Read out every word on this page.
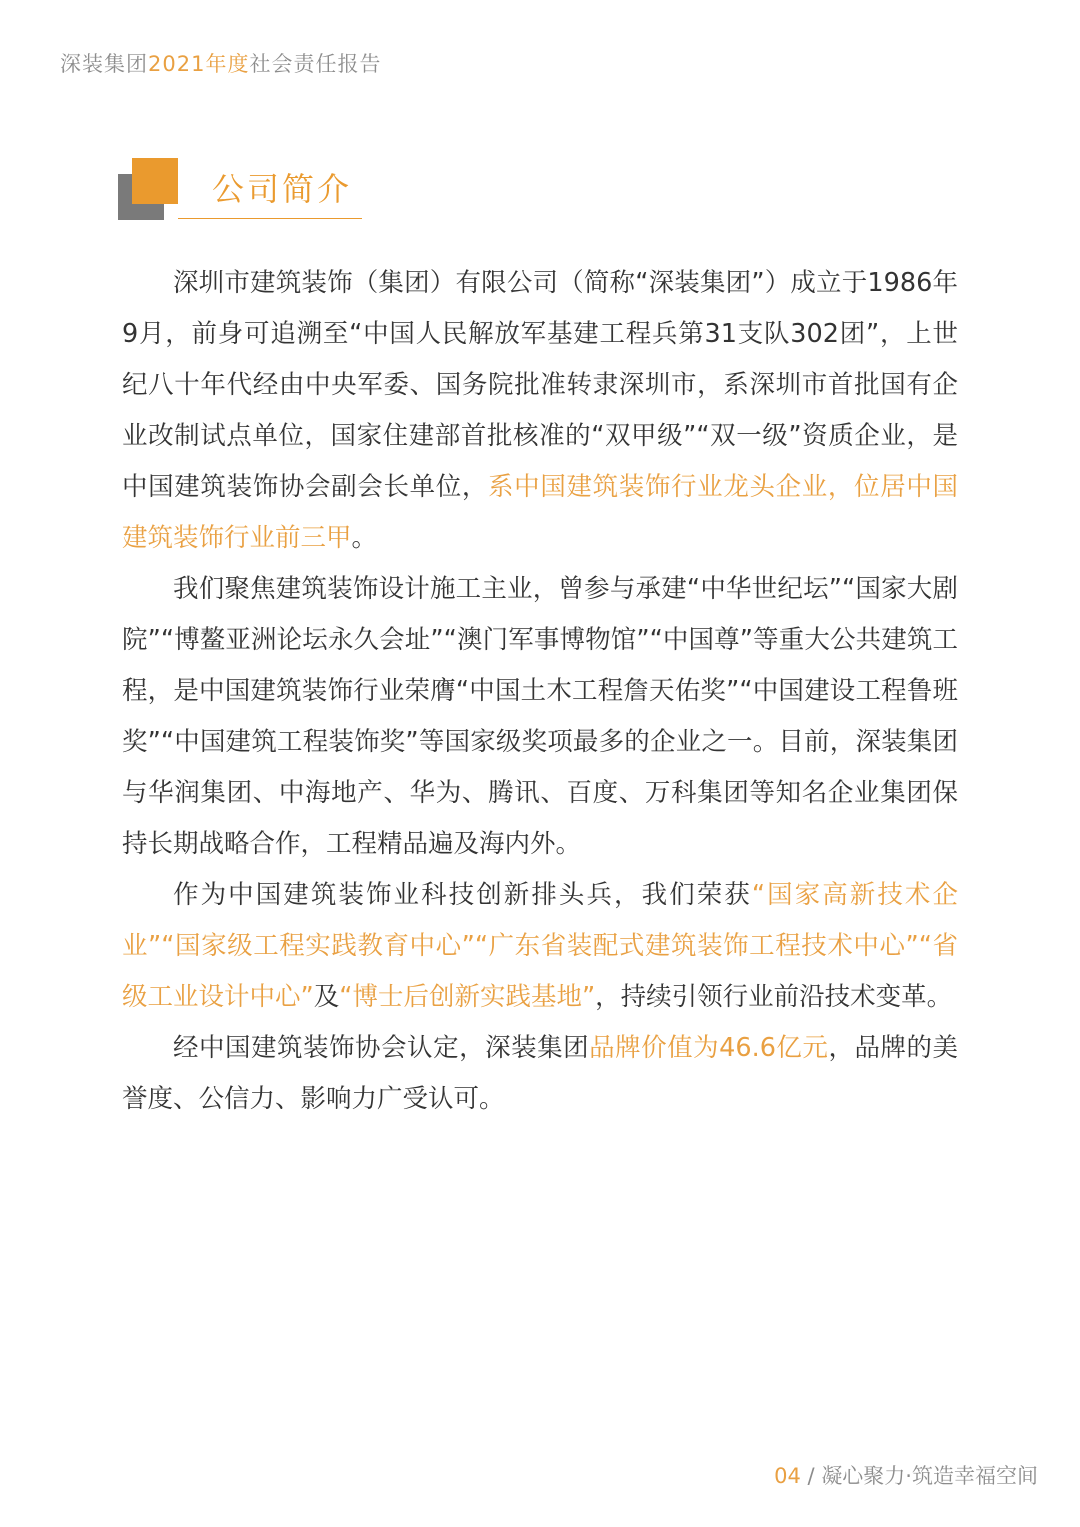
深装集团2021年度社会责任报告
公司简介

深圳市建筑装饰（集团）有限公司（简称“深装集团”）成立于1986年9月，前身可追溯至“中国人民解放军基建工程兵第31支队302团”，上世纪八十年代经由中央军委、国务院批准转隶深圳市，系深圳市首批国有企业改制试点单位，国家住建部首批核准的“双甲级”“双一级”资质企业，是中国建筑装饰协会副会长单位，系中国建筑装饰行业龙头企业，位居中国建筑装饰行业前三甲。

我们聚焦建筑装饰设计施工主业，曾参与承建“中华世纪坛”“国家大剧院”“博鳌亚洲论坛永久会址”“澳门军事博物馆”“中国尊”等重大公共建筑工程，是中国建筑装饰行业荣膺“中国土木工程詹天佑奖”“中国建设工程鲁班奖”“中国建筑工程装饰奖”等国家级奖项最多的企业之一。目前，深装集团与华润集团、中海地产、华为、腾讯、百度、万科集团等知名企业集团保持长期战略合作，工程精品遍及海内外。

作为中国建筑装饰业科技创新排头兵，我们荣获“国家高新技术企业”“国家级工程实践教育中心”“广东省装配式建筑装饰工程技术中心”“省级工业设计中心”及“博士后创新实践基地”，持续引领行业前沿技术变革。

经中国建筑装饰协会认定，深装集团品牌价值为46.6亿元，品牌的美誉度、公信力、影响力广受认可。

04 / 凝心聚力·筑造幸福空间
